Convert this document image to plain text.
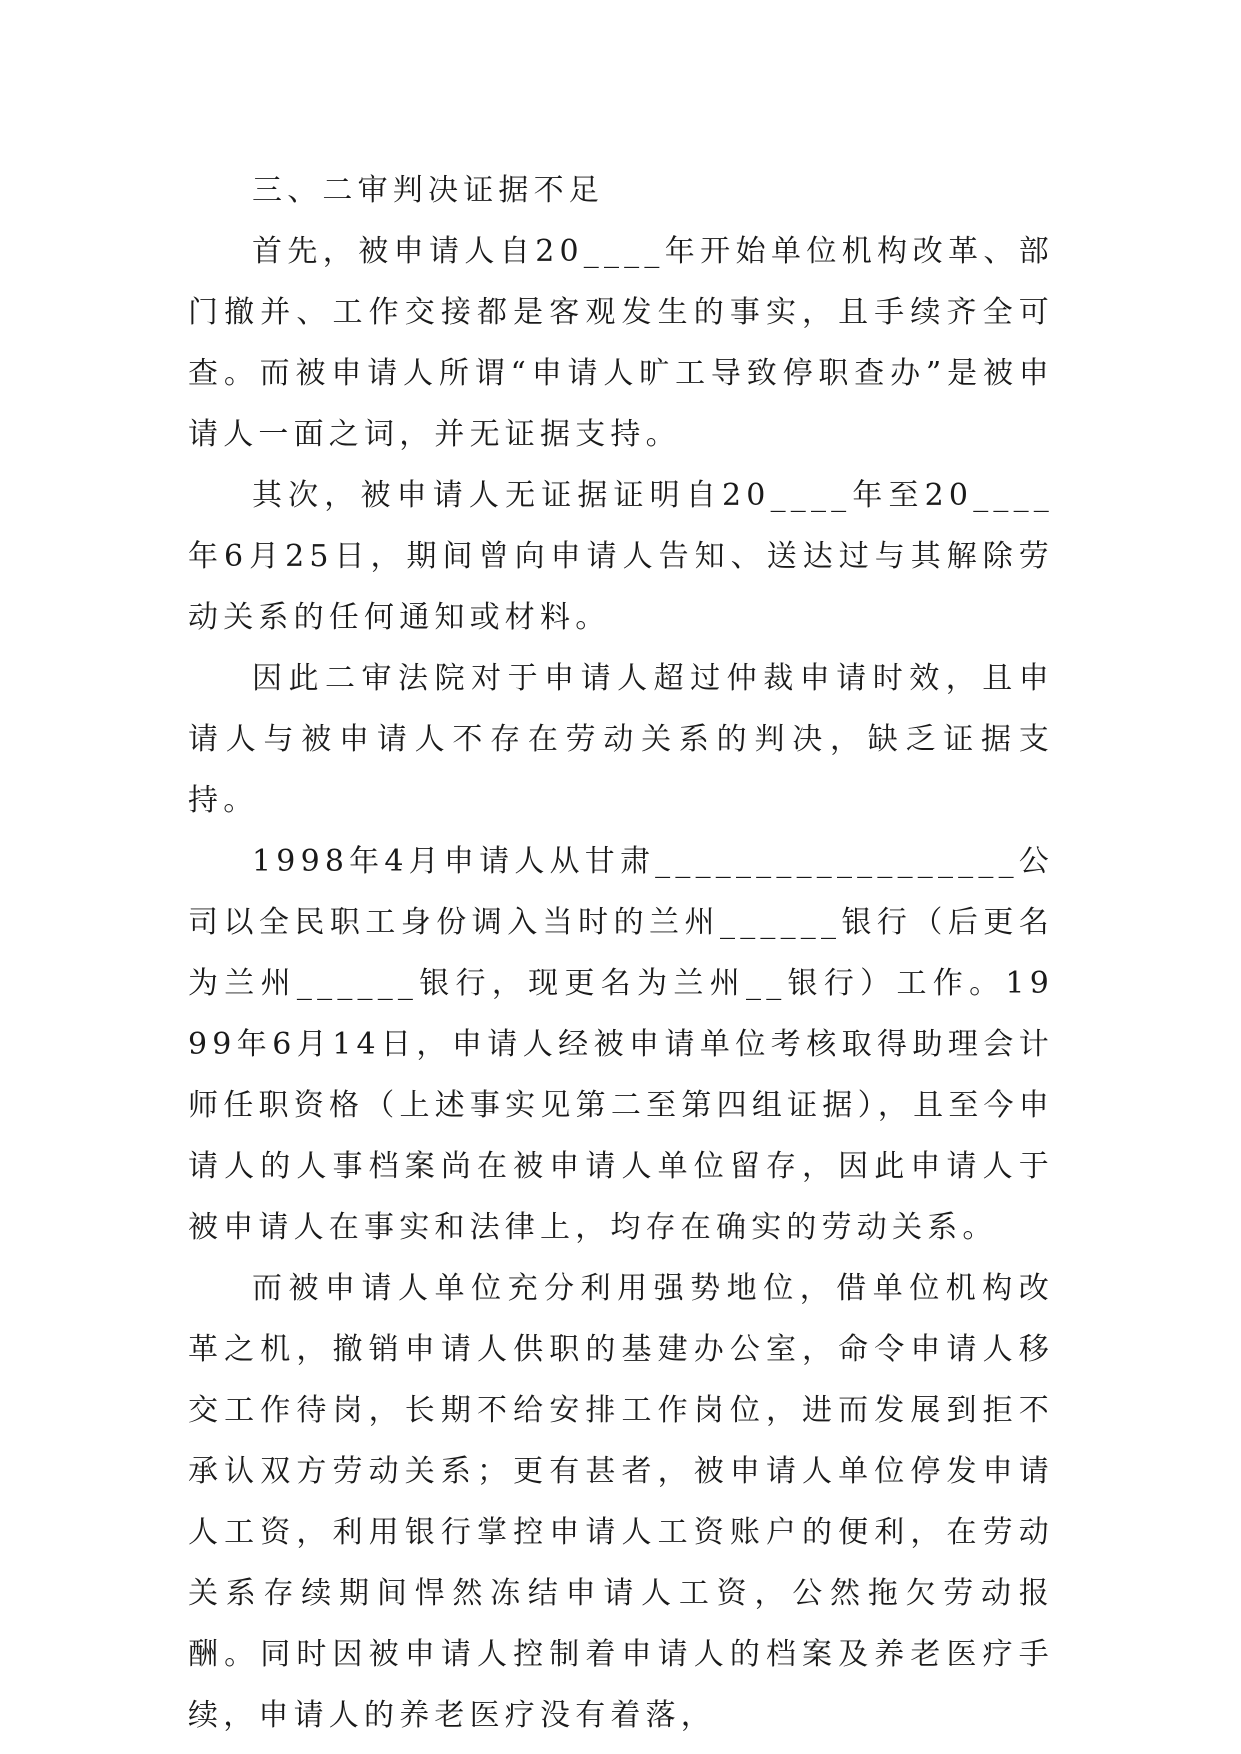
三、二审判决证据不足

首先，被申请人自20____年开始单位机构改革、部门撤并、工作交接都是客观发生的事实，且手续齐全可查。而被申请人所谓“申请人旷工导致停职查办”是被申请人一面之词，并无证据支持。

其次，被申请人无证据证明自20____年至20____年6月25日，期间曾向申请人告知、送达过与其解除劳动关系的任何通知或材料。

因此二审法院对于申请人超过仲裁申请时效，且申请人与被申请人不存在劳动关系的判决，缺乏证据支持。

1998年4月申请人从甘肃__________________公司以全民职工身份调入当时的兰州______银行（后更名为兰州______银行，现更名为兰州__银行）工作。1999年6月14日，申请人经被申请单位考核取得助理会计师任职资格（上述事实见第二至第四组证据），且至今申请人的人事档案尚在被申请人单位留存，因此申请人于被申请人在事实和法律上，均存在确实的劳动关系。

而被申请人单位充分利用强势地位，借单位机构改革之机，撤销申请人供职的基建办公室，命令申请人移交工作待岗，长期不给安排工作岗位，进而发展到拒不承认双方劳动关系；更有甚者，被申请人单位停发申请人工资，利用银行掌控申请人工资账户的便利，在劳动关系存续期间悍然冻结申请人工资，公然拖欠劳动报酬。同时因被申请人控制着申请人的档案及养老医疗手续，申请人的养老医疗没有着落，
